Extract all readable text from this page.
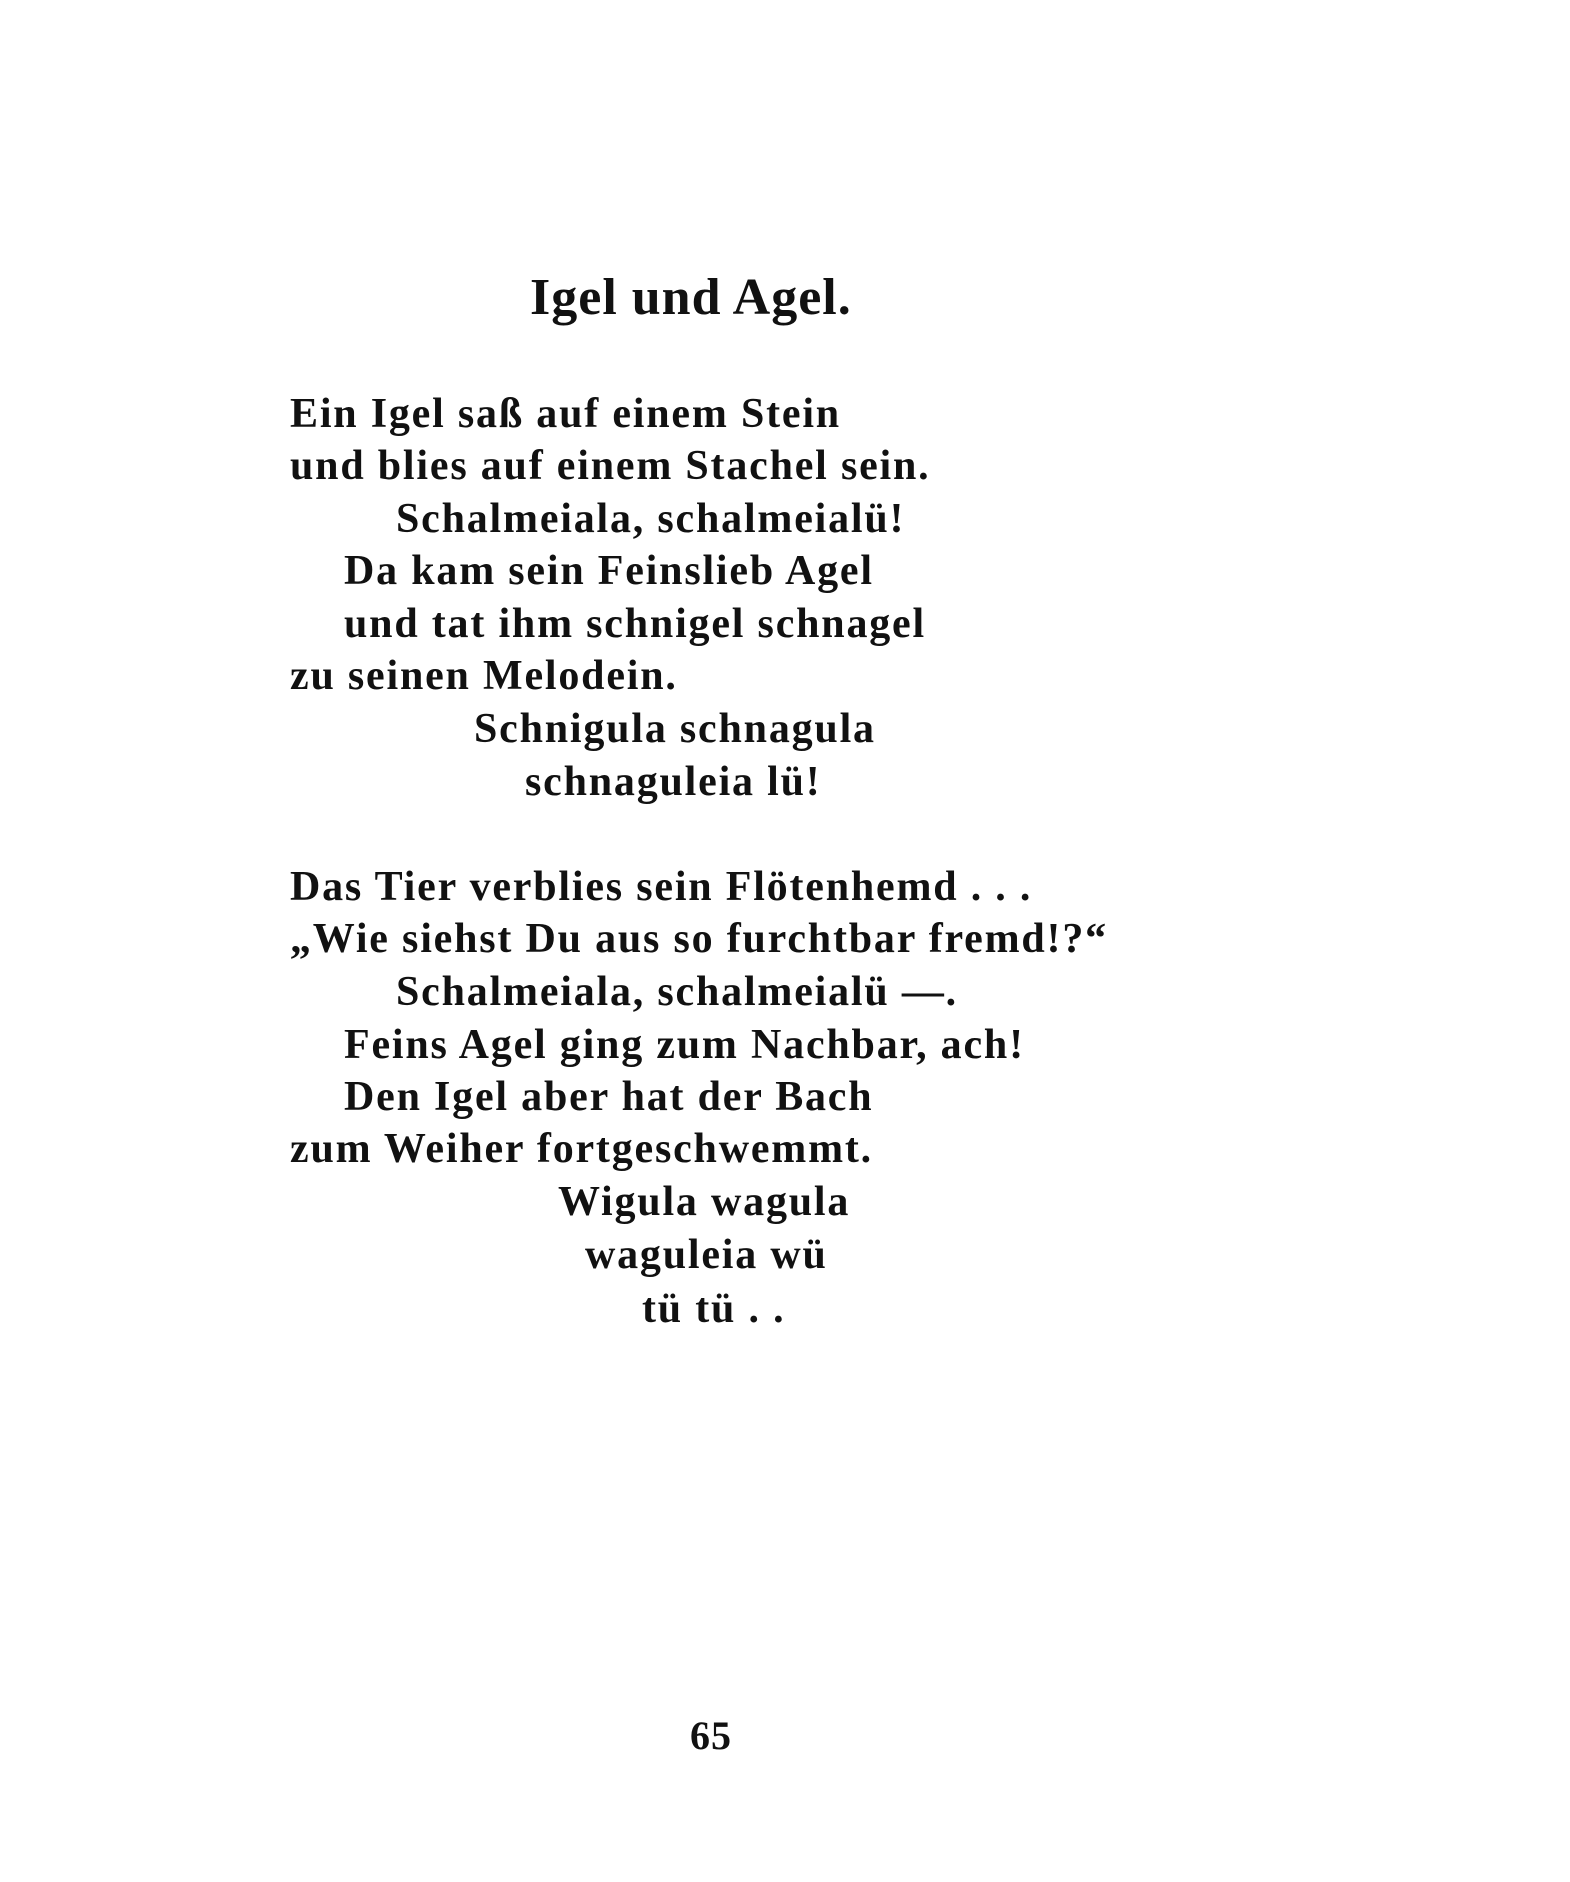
Igel und Agel.
Ein Igel saß auf einem Stein
und blies auf einem Stachel sein.
Schalmeiala, schalmeialü!
Da kam sein Feinslieb Agel
und tat ihm schnigel schnagel
zu seinen Melodein.
Schnigula schnagula
schnaguleia lü!
Das Tier verblies sein Flötenhemd . . .
„Wie siehst Du aus so furchtbar fremd!?“
Schalmeiala, schalmeialü —.
Feins Agel ging zum Nachbar, ach!
Den Igel aber hat der Bach
zum Weiher fortgeschwemmt.
Wigula wagula
waguleia wü
tü tü . .
65
